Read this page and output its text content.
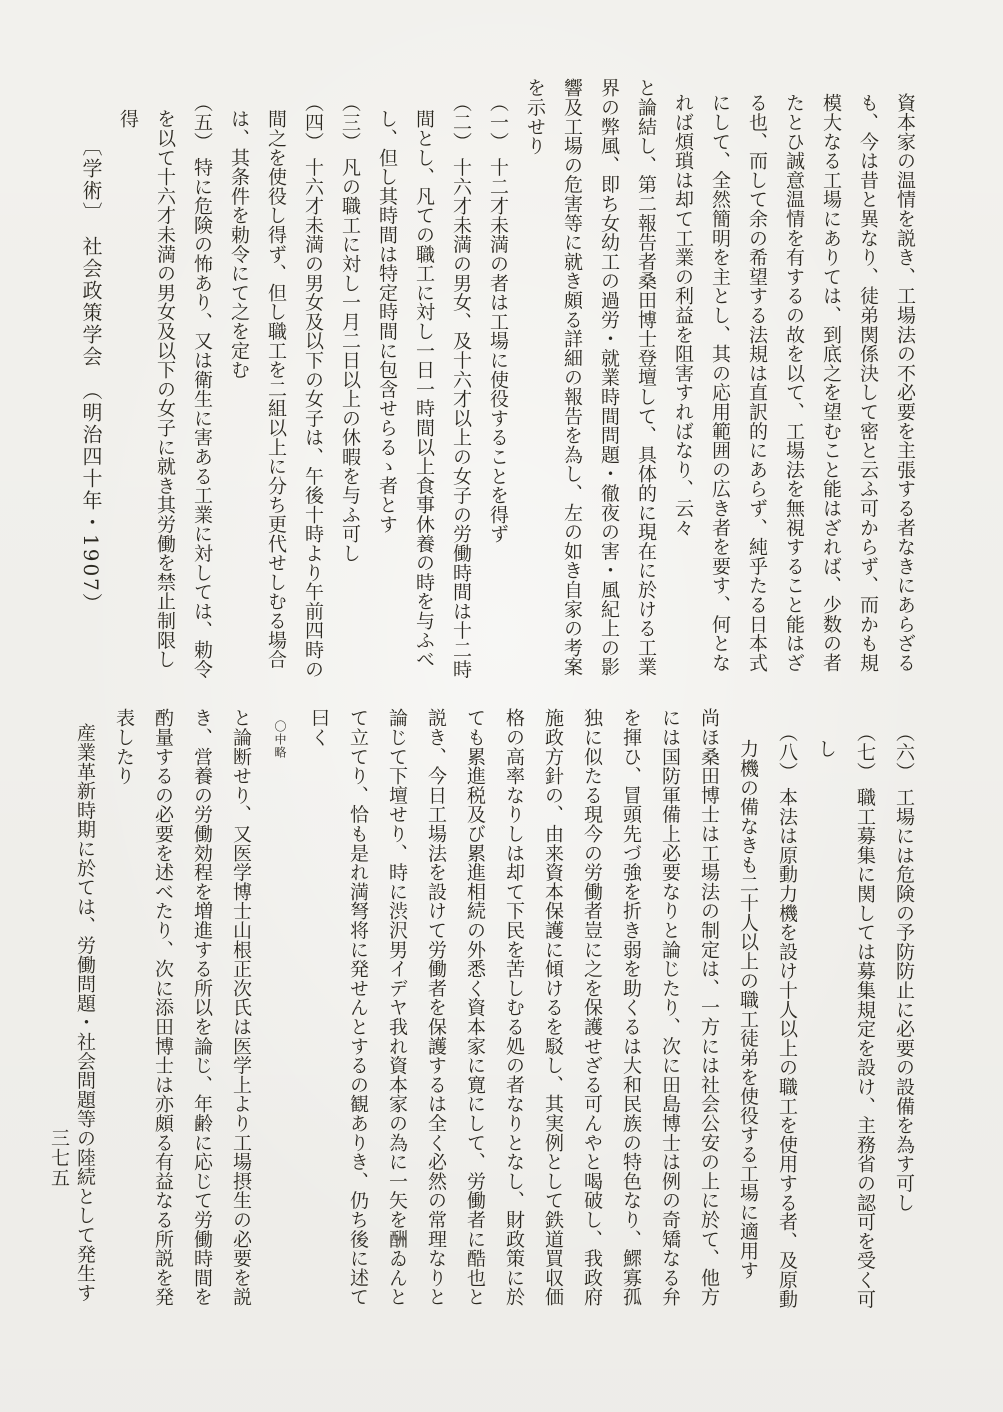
資本家の温情を説き、工場法の不必要を主張する者なきにあらざる
も、今は昔と異なり、徒弟関係決して密と云ふ可からず、而かも規
模大なる工場にありては、到底之を望むこと能はざれば、少数の者
たとひ誠意温情を有するの故を以て、工場法を無視すること能はざ
る也、而して余の希望する法規は直訳的にあらず、純乎たる日本式
にして、全然簡明を主とし、其の応用範囲の広き者を要す、何とな
れば煩瑣は却て工業の利益を阻害すればなり、云々
と論結し、第二報告者桑田博士登壇して、具体的に現在に於ける工業
界の弊風、即ち女幼工の過労・就業時間問題・徹夜の害・風紀上の影
響及工場の危害等に就き頗る詳細の報告を為し、左の如き自家の考案
を示せり
（一） 十二才未満の者は工場に使役することを得ず
（二） 十六才未満の男女、及十六才以上の女子の労働時間は十二時
間とし、凡ての職工に対し一日一時間以上食事休養の時を与ふべ
し、但し其時間は特定時間に包含せらるゝ者とす
（三） 凡の職工に対し一月二日以上の休暇を与ふ可し
（四） 十六才未満の男女及以下の女子は、午後十時より午前四時の
間之を使役し得ず、但し職工を二組以上に分ち更代せしむる場合
は、其条件を勅令にて之を定む
（五） 特に危険の怖あり、又は衛生に害ある工業に対しては、勅令
を以て十六才未満の男女及以下の女子に就き其労働を禁止制限し
得
〔学術〕　社会政策学会　（明治四十年・1907）
（六） 工場には危険の予防防止に必要の設備を為す可し
（七） 職工募集に関しては募集規定を設け、主務省の認可を受く可
し
（八） 本法は原動力機を設け十人以上の職工を使用する者、及原動
力機の備なきも二十人以上の職工徒弟を使役する工場に適用す
尚ほ桑田博士は工場法の制定は、一方には社会公安の上に於て、他方
には国防軍備上必要なりと論じたり、次に田島博士は例の奇矯なる弁
を揮ひ、冒頭先づ強を折き弱を助くるは大和民族の特色なり、鰥寡孤
独に似たる現今の労働者豈に之を保護せざる可んやと喝破し、我政府
施政方針の、由来資本保護に傾けるを駁し、其実例として鉄道買収価
格の高率なりしは却て下民を苦しむる処の者なりとなし、財政策に於
ても累進税及び累進相続の外悉く資本家に寛にして、労働者に酷也と
説き、今日工場法を設けて労働者を保護するは全く必然の常理なりと
論じて下壇せり、時に渋沢男イデヤ我れ資本家の為に一矢を酬ゐんと
て立てり、恰も是れ満弩将に発せんとするの観ありき、仍ち後に述て
曰く
〇中略
と論断せり、又医学博士山根正次氏は医学上より工場摂生の必要を説
き、営養の労働効程を増進する所以を論じ、年齢に応じて労働時間を
酌量するの必要を述べたり、次に添田博士は亦頗る有益なる所説を発
表したり
産業革新時期に於ては、労働問題・社会問題等の陸続として発生す
三七五
